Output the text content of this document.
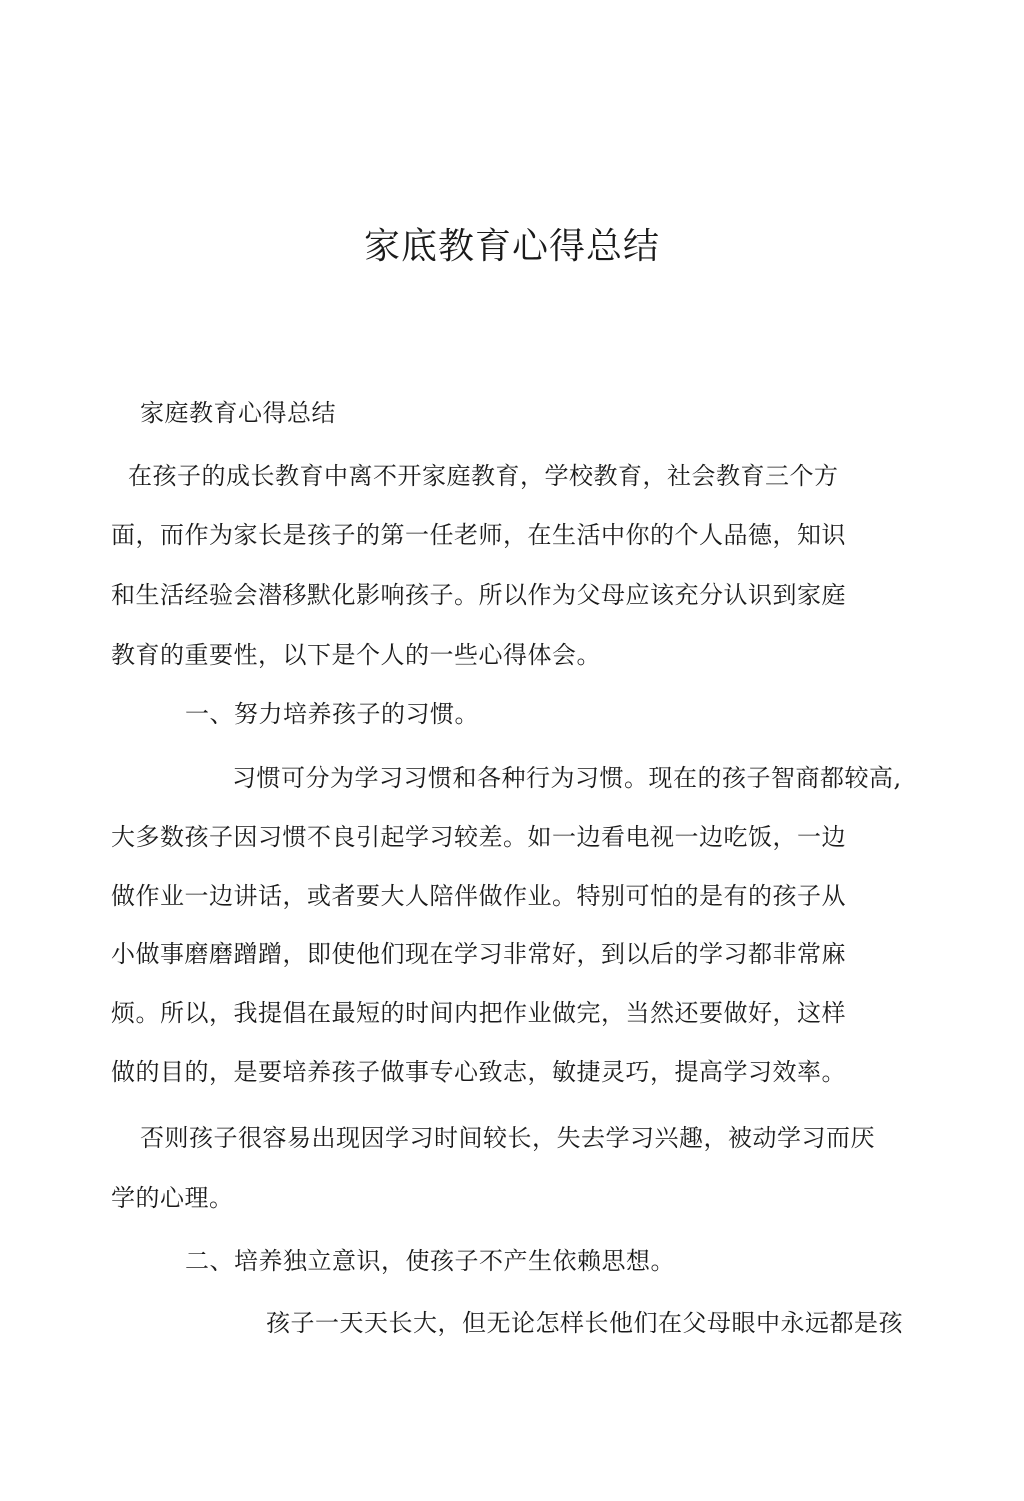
家底教育心得总结
家庭教育心得总结
在孩子的成长教育中离不开家庭教育，学校教育，社会教育三个方
面，而作为家长是孩子的第一任老师，在生活中你的个人品德，知识
和生活经验会潜移默化影响孩子。所以作为父母应该充分认识到家庭
教育的重要性，以下是个人的一些心得体会。
一、努力培养孩子的习惯。
习惯可分为学习习惯和各种行为习惯。现在的孩子智商都较高,
大多数孩子因习惯不良引起学习较差。如一边看电视一边吃饭，一边
做作业一边讲话，或者要大人陪伴做作业。特别可怕的是有的孩子从
小做事磨磨蹭蹭，即使他们现在学习非常好，到以后的学习都非常麻
烦。所以，我提倡在最短的时间内把作业做完，当然还要做好，这样
做的目的，是要培养孩子做事专心致志，敏捷灵巧，提高学习效率。
否则孩子很容易出现因学习时间较长，失去学习兴趣，被动学习而厌
学的心理。
二、培养独立意识，使孩子不产生依赖思想。
孩子一天天长大，但无论怎样长他们在父母眼中永远都是孩
